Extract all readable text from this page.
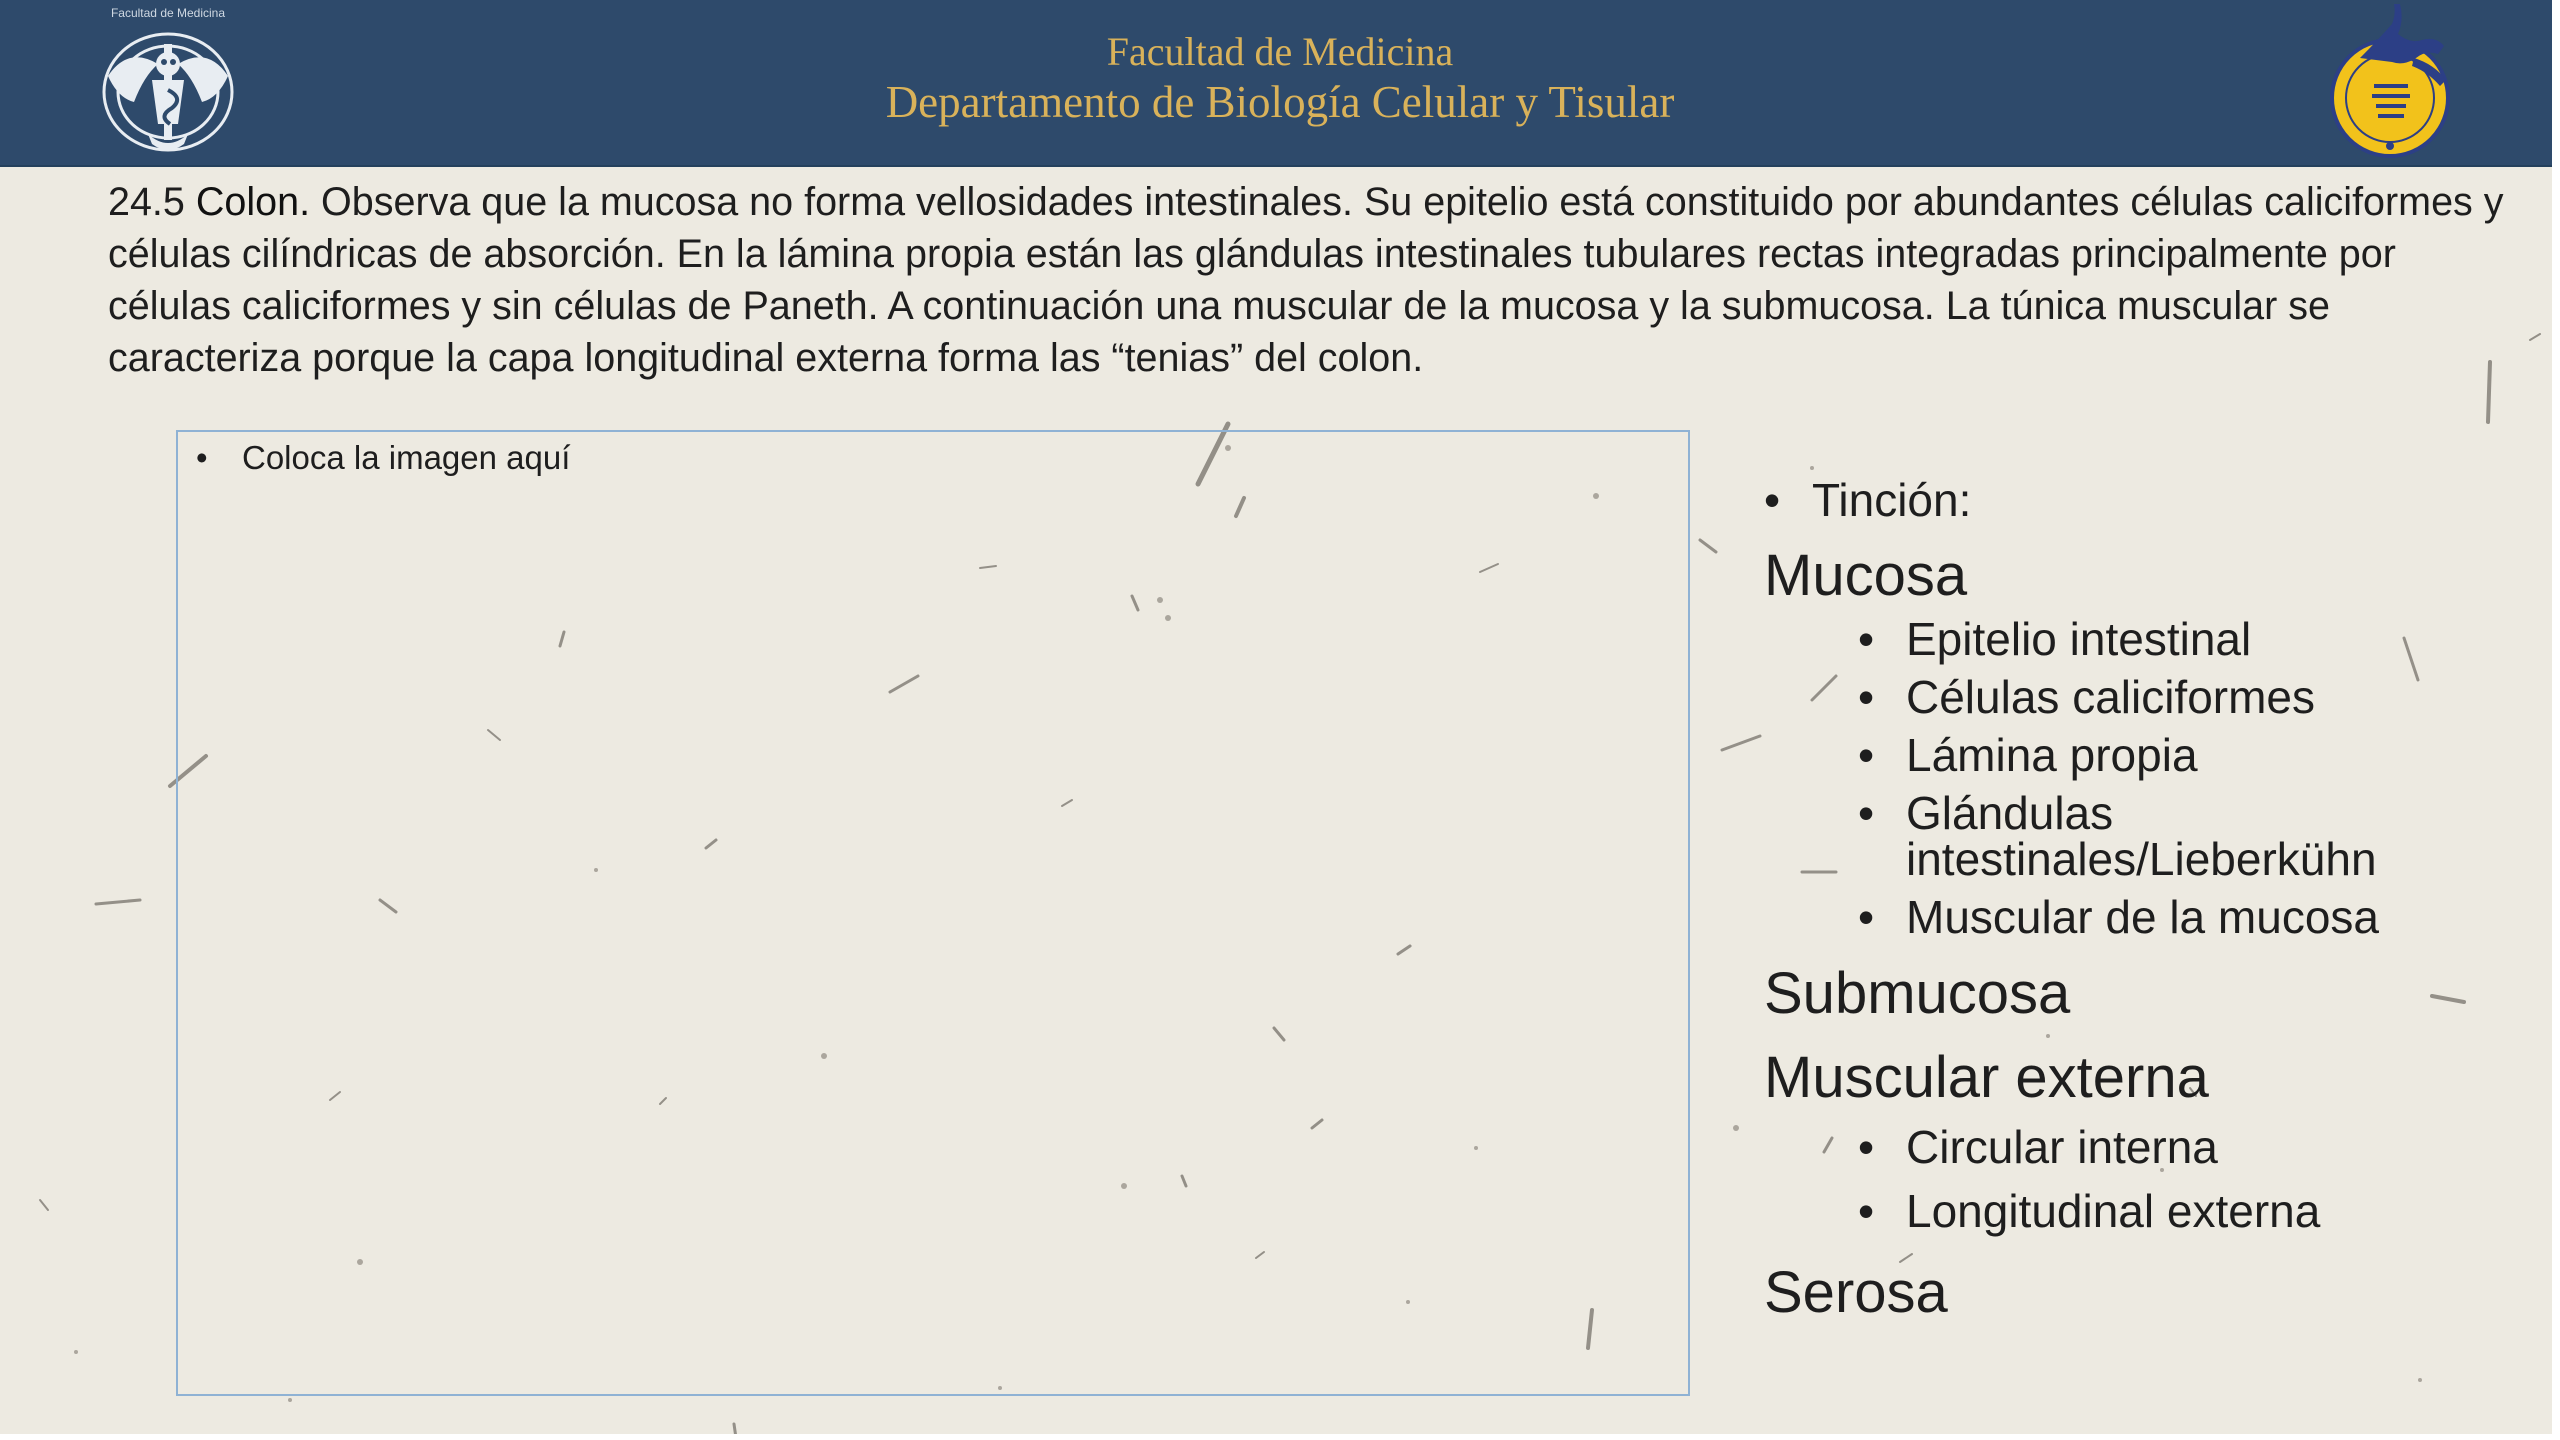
Facultad de Medicina
Facultad de Medicina
Departamento de Biología Celular y Tisular
24.5 Colon. Observa que la mucosa no forma vellosidades intestinales. Su epitelio está constituido por abundantes células caliciformes y células cilíndricas de absorción. En la lámina propia están las glándulas intestinales tubulares rectas integradas principalmente por células caliciformes y sin células de Paneth. A continuación una muscular de la mucosa y la submucosa. La túnica muscular se caracteriza porque la capa longitudinal externa forma las “tenias” del colon.
• Coloca la imagen aquí
• Tinción:
Mucosa
• Epitelio intestinal
• Células caliciformes
• Lámina propia
• Glándulas intestinales/Lieberkühn
• Muscular de la mucosa
Submucosa
Muscular externa
• Circular interna
• Longitudinal externa
Serosa
